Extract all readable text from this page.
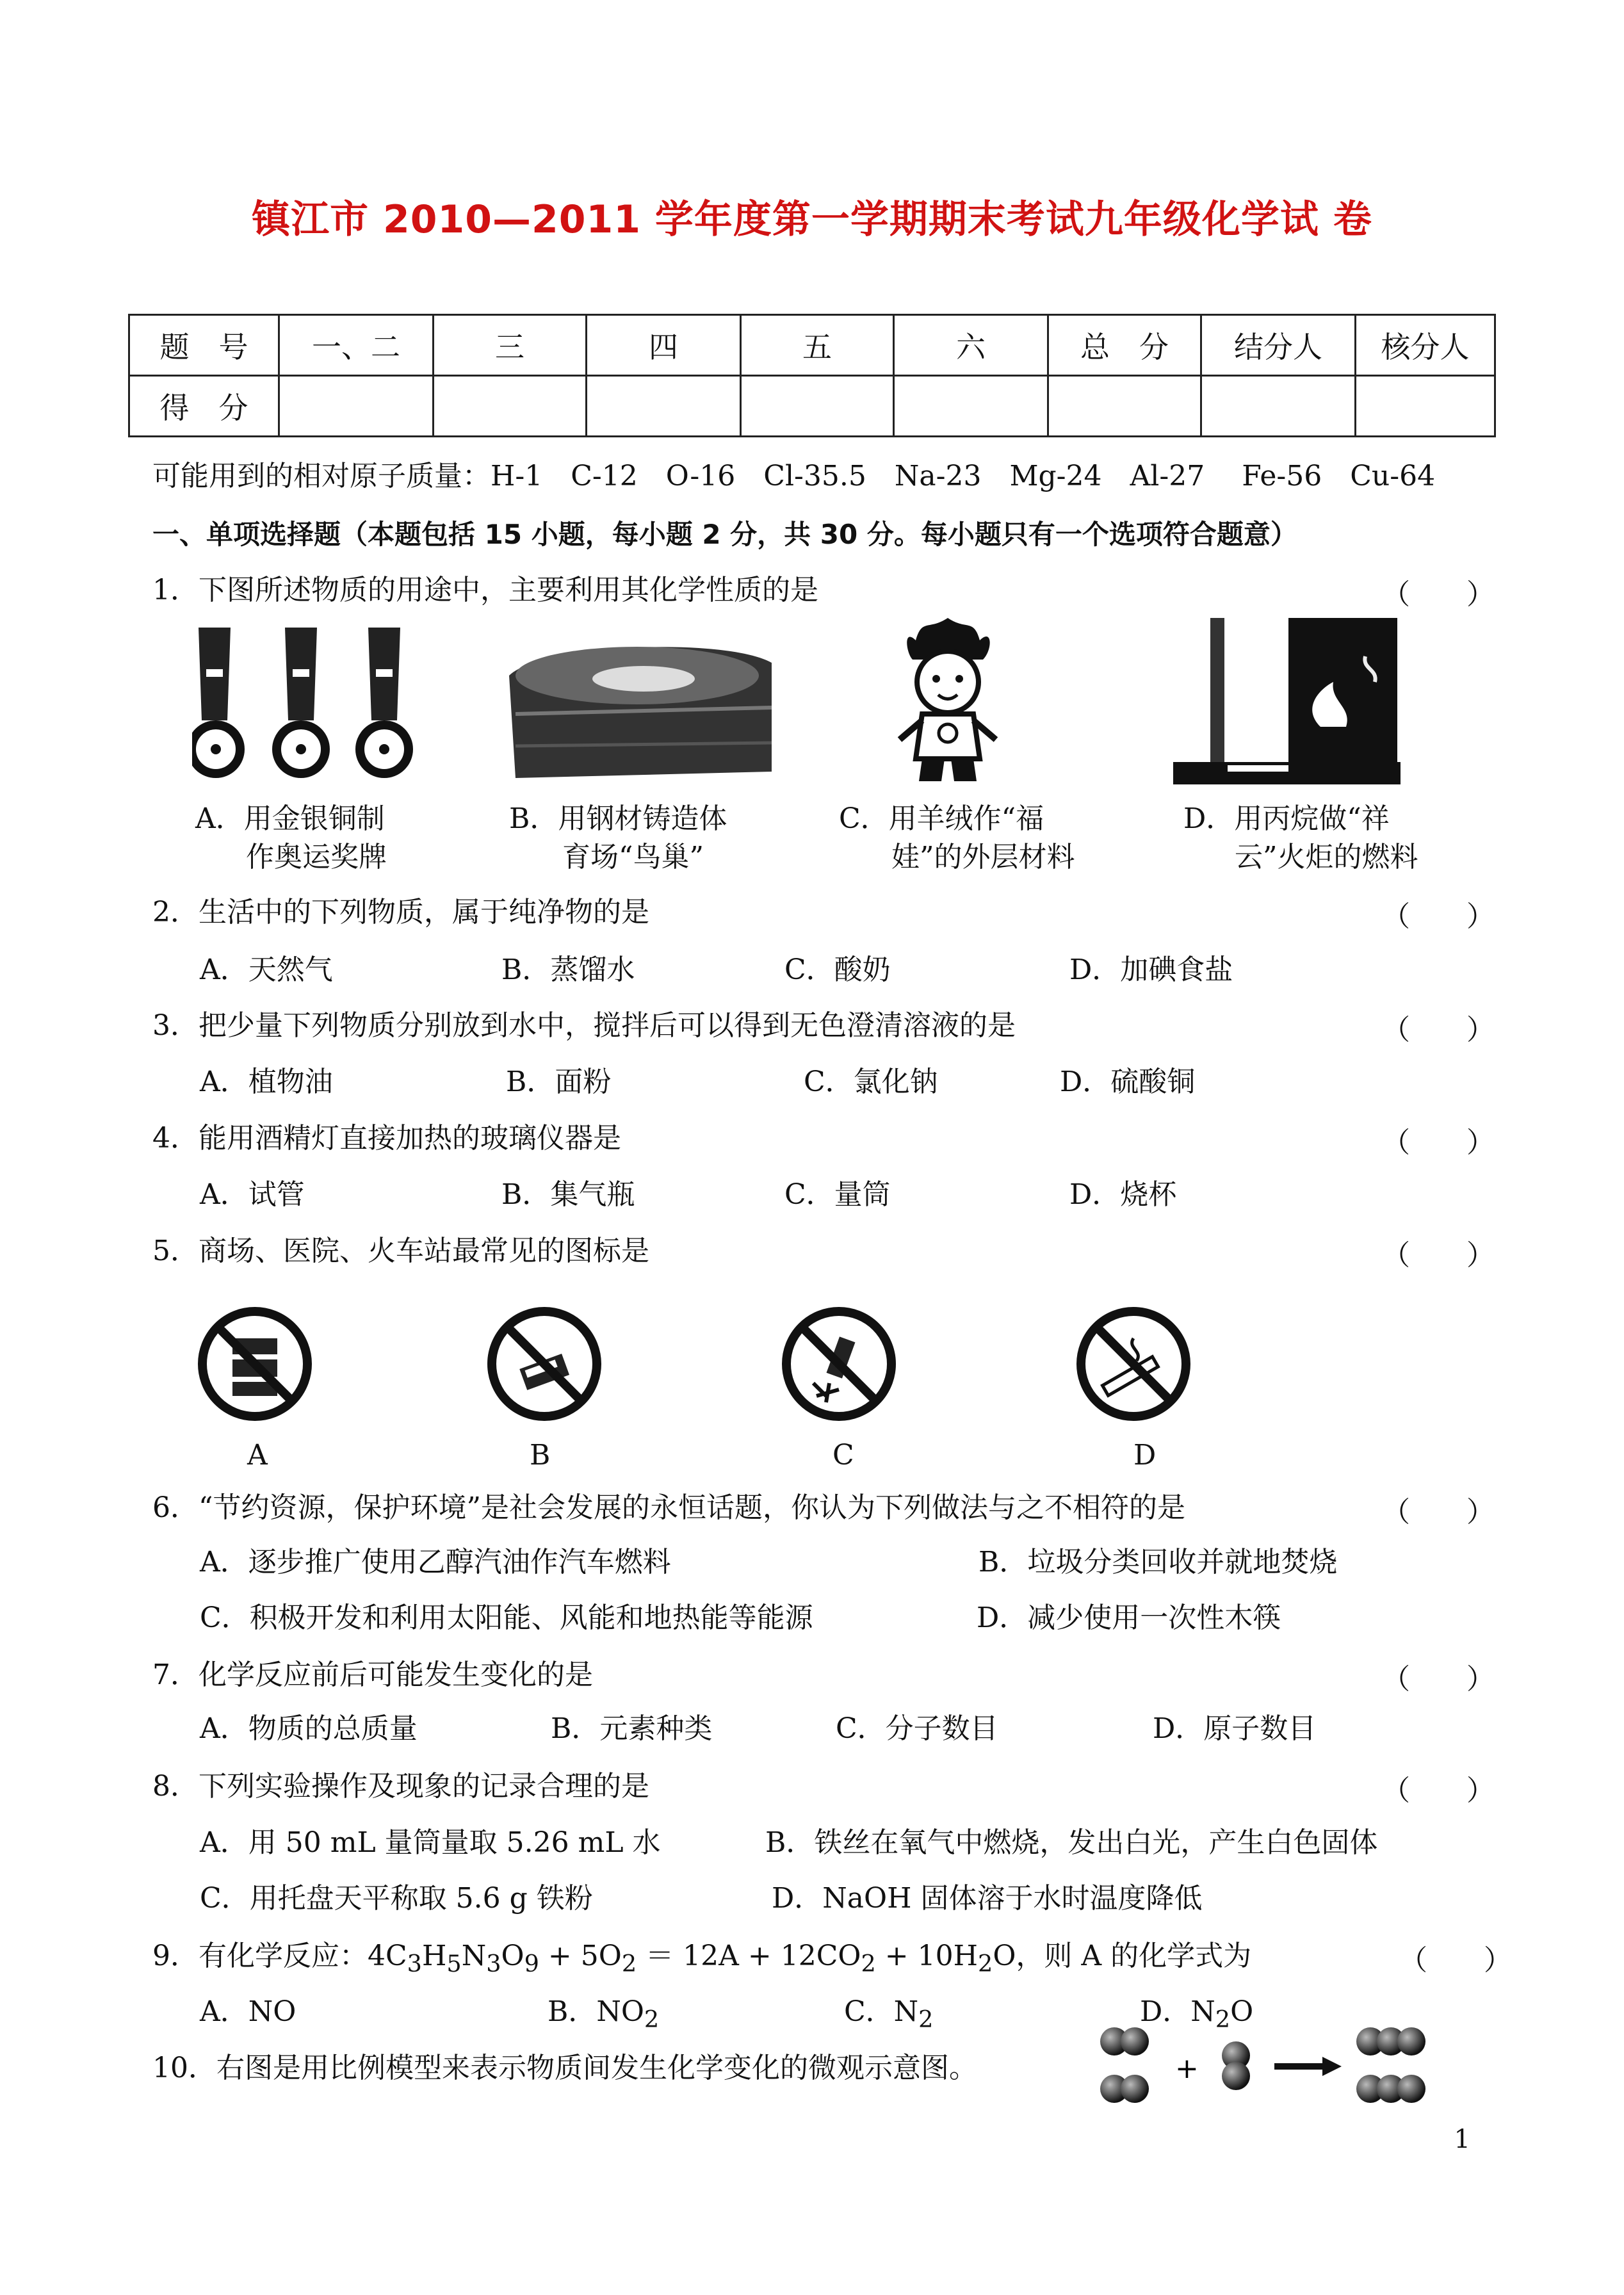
镇江市 2010—2011 学年度第一学期期末考试九年级化学试 卷
题　号	一、二	三	四	五	六	总　分	结分人	核分人
得　分								
可能用到的相对原子质量：H-1　C-12　O-16　Cl-35.5　Na-23　Mg-24　Al-27　 Fe-56　Cu-64
一、单项选择题（本题包括 15 小题，每小题 2 分，共 30 分。每小题只有一个选项符合题意）
1．下图所述物质的用途中，主要利用其化学性质的是	（　　）
A．用金银铜制
作奥运奖牌
B．用钢材铸造体
育场“鸟巢”
C．用羊绒作“福
娃”的外层材料
D．用丙烷做“祥
云”火炬的燃料
2．生活中的下列物质，属于纯净物的是	（　　）
A．天然气	B．蒸馏水	C．酸奶	D．加碘食盐
3．把少量下列物质分别放到水中，搅拌后可以得到无色澄清溶液的是	（　　）
A．植物油	B．面粉	C．氯化钠	D．硫酸铜
4．能用酒精灯直接加热的玻璃仪器是	（　　）
A．试管	B．集气瓶	C．量筒	D．烧杯
5．商场、医院、火车站最常见的图标是	（　　）
A	B	C	D
6．“节约资源，保护环境”是社会发展的永恒话题，你认为下列做法与之不相符的是	（　　）
A．逐步推广使用乙醇汽油作汽车燃料	B．垃圾分类回收并就地焚烧
C．积极开发和利用太阳能、风能和地热能等能源	D．减少使用一次性木筷
7．化学反应前后可能发生变化的是	（　　）
A．物质的总质量	B．元素种类	C．分子数目	D．原子数目
8．下列实验操作及现象的记录合理的是	（　　）
A．用 50 mL 量筒量取 5.26 mL 水	B．铁丝在氧气中燃烧，发出白光，产生白色固体
C．用托盘天平称取 5.6 g 铁粉	D．NaOH 固体溶于水时温度降低
9．有化学反应：$4C_3H_5N_3O_9 + 5O_2 = 12A + 12CO_2 + 10H_2O$，则 A 的化学式为	（　　）
A．NO	B．$NO_2$	C．$N_2$	D．$N_2O$
10．右图是用比例模型来表示物质间发生化学变化的微观示意图。	+
1
